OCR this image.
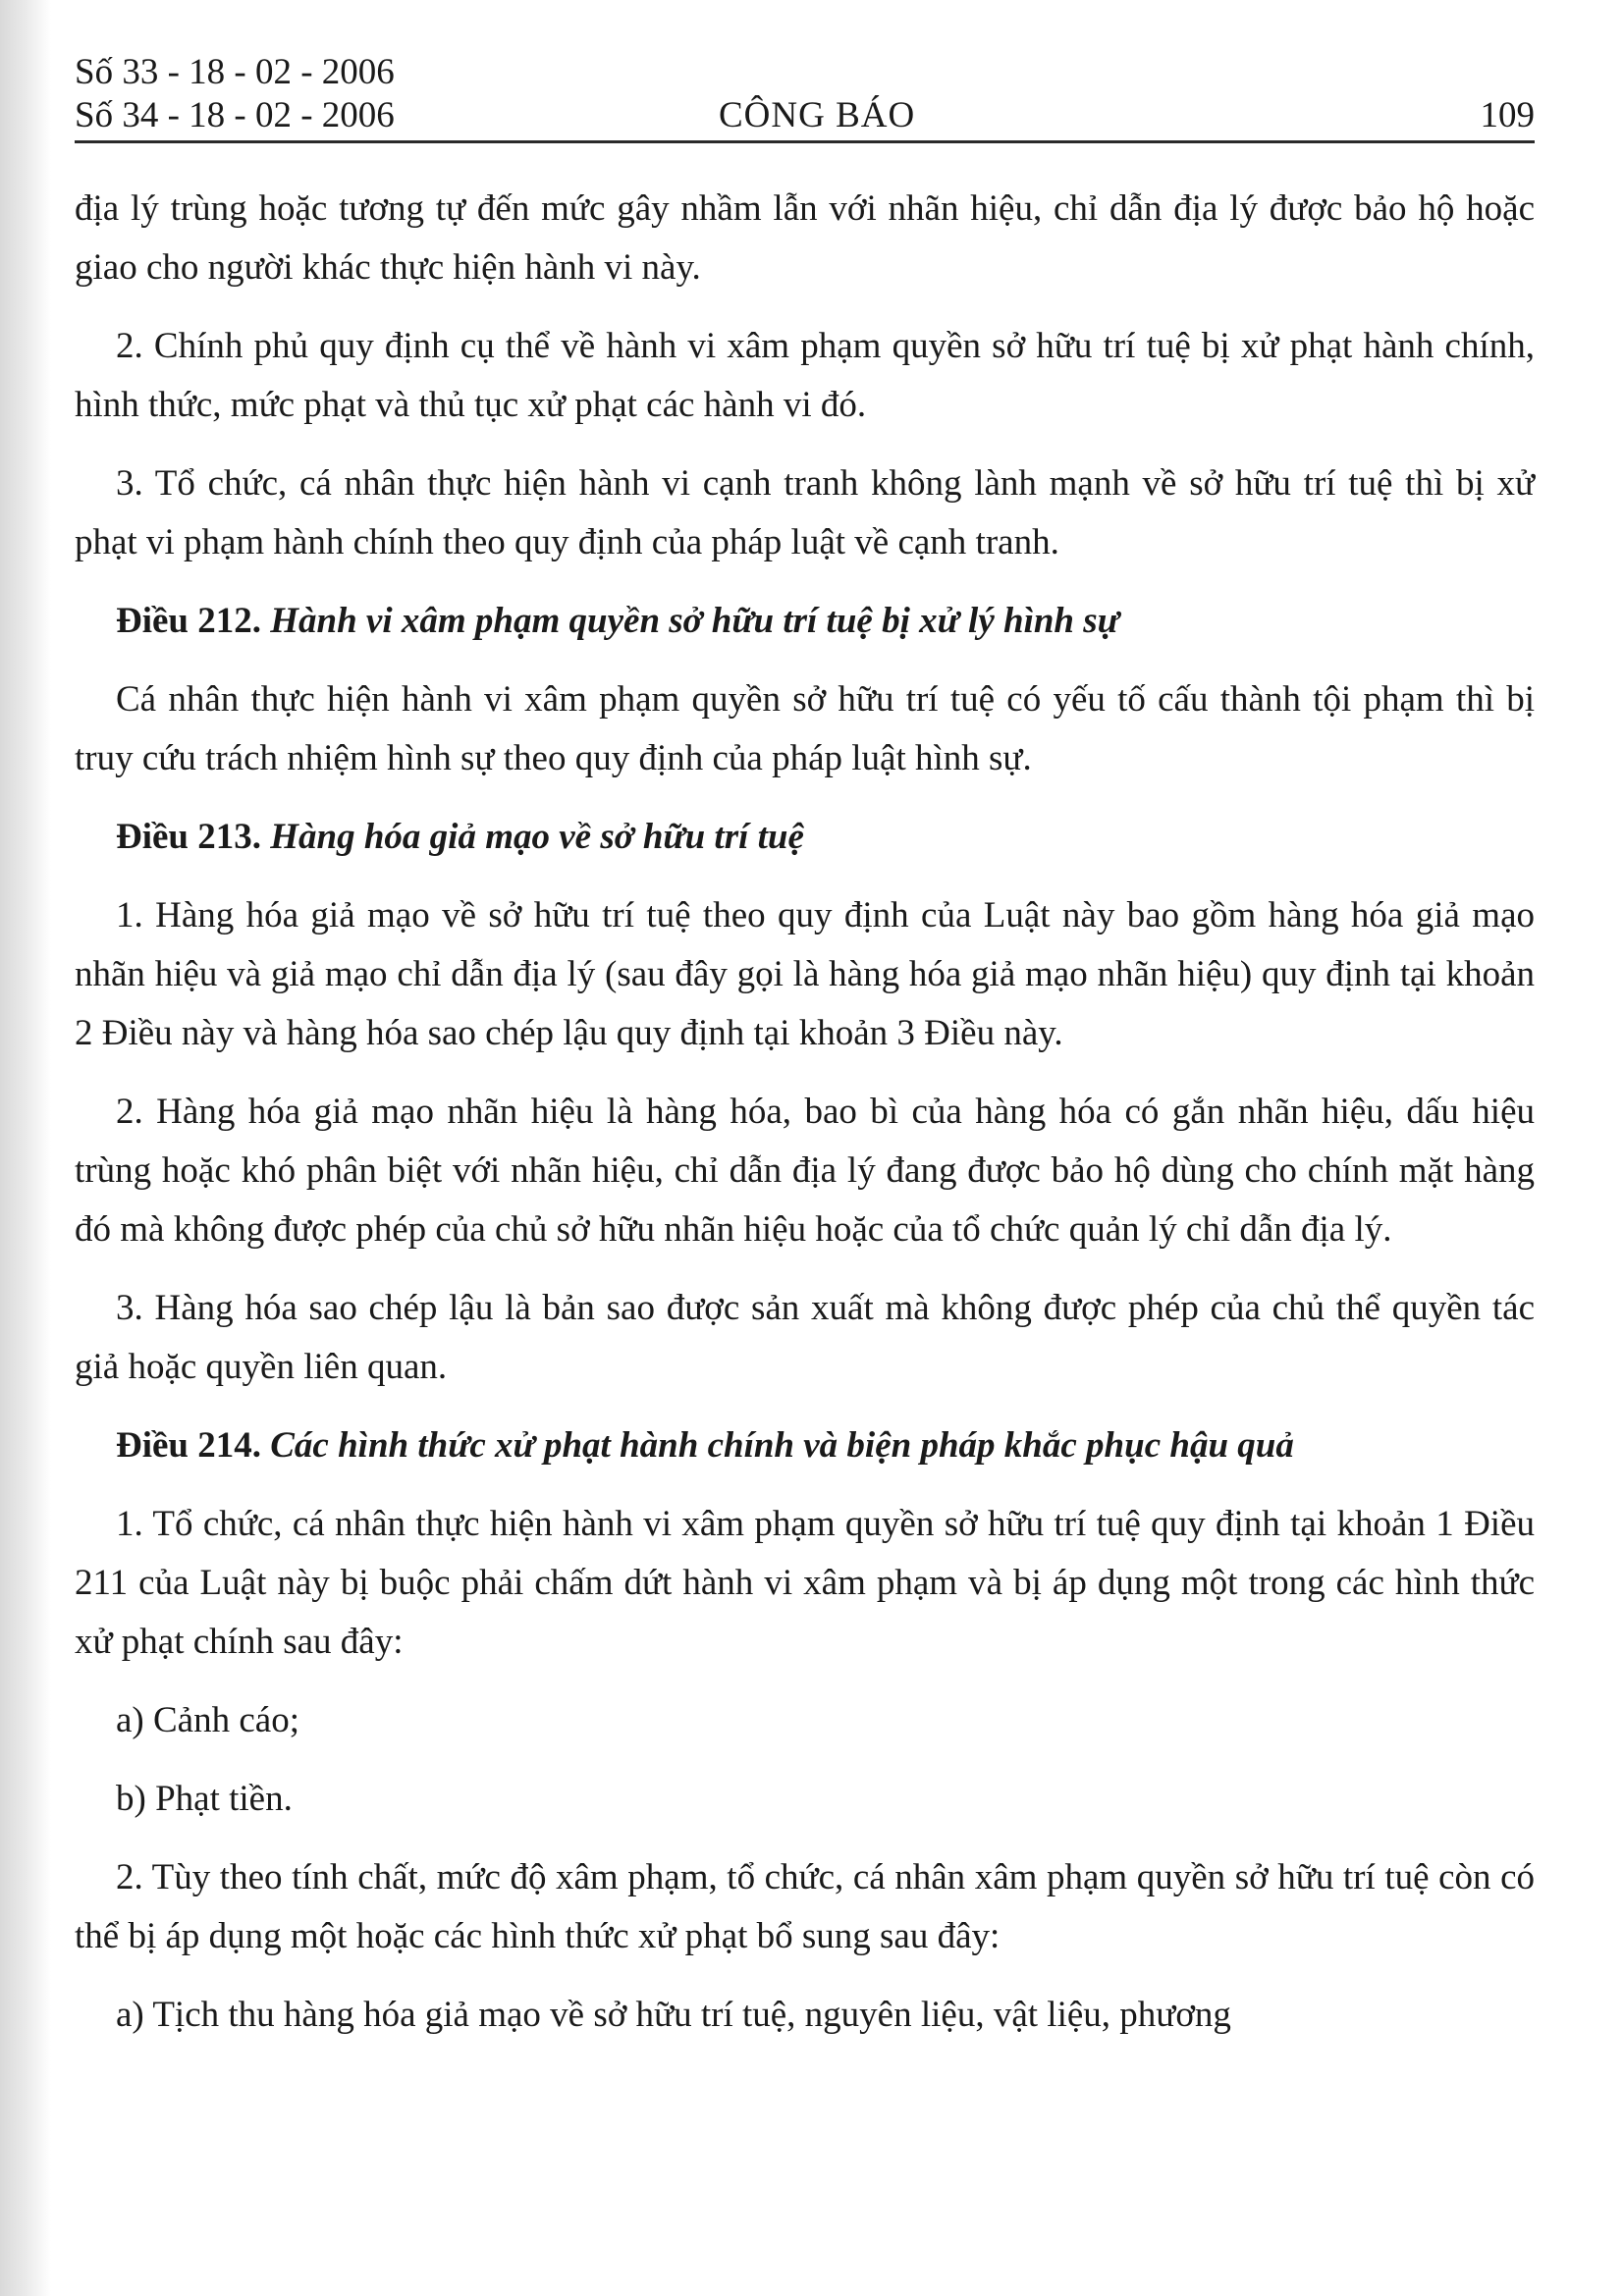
Số 33 - 18 - 02 - 2006
Số 34 - 18 - 02 - 2006	CÔNG BÁO	109

địa lý trùng hoặc tương tự đến mức gây nhầm lẫn với nhãn hiệu, chỉ dẫn địa lý được bảo hộ hoặc giao cho người khác thực hiện hành vi này.

2. Chính phủ quy định cụ thể về hành vi xâm phạm quyền sở hữu trí tuệ bị xử phạt hành chính, hình thức, mức phạt và thủ tục xử phạt các hành vi đó.

3. Tổ chức, cá nhân thực hiện hành vi cạnh tranh không lành mạnh về sở hữu trí tuệ thì bị xử phạt vi phạm hành chính theo quy định của pháp luật về cạnh tranh.

Điều 212. Hành vi xâm phạm quyền sở hữu trí tuệ bị xử lý hình sự

Cá nhân thực hiện hành vi xâm phạm quyền sở hữu trí tuệ có yếu tố cấu thành tội phạm thì bị truy cứu trách nhiệm hình sự theo quy định của pháp luật hình sự.

Điều 213. Hàng hóa giả mạo về sở hữu trí tuệ

1. Hàng hóa giả mạo về sở hữu trí tuệ theo quy định của Luật này bao gồm hàng hóa giả mạo nhãn hiệu và giả mạo chỉ dẫn địa lý (sau đây gọi là hàng hóa giả mạo nhãn hiệu) quy định tại khoản 2 Điều này và hàng hóa sao chép lậu quy định tại khoản 3 Điều này.

2. Hàng hóa giả mạo nhãn hiệu là hàng hóa, bao bì của hàng hóa có gắn nhãn hiệu, dấu hiệu trùng hoặc khó phân biệt với nhãn hiệu, chỉ dẫn địa lý đang được bảo hộ dùng cho chính mặt hàng đó mà không được phép của chủ sở hữu nhãn hiệu hoặc của tổ chức quản lý chỉ dẫn địa lý.

3. Hàng hóa sao chép lậu là bản sao được sản xuất mà không được phép của chủ thể quyền tác giả hoặc quyền liên quan.

Điều 214. Các hình thức xử phạt hành chính và biện pháp khắc phục hậu quả

1. Tổ chức, cá nhân thực hiện hành vi xâm phạm quyền sở hữu trí tuệ quy định tại khoản 1 Điều 211 của Luật này bị buộc phải chấm dứt hành vi xâm phạm và bị áp dụng một trong các hình thức xử phạt chính sau đây:

a) Cảnh cáo;

b) Phạt tiền.

2. Tùy theo tính chất, mức độ xâm phạm, tổ chức, cá nhân xâm phạm quyền sở hữu trí tuệ còn có thể bị áp dụng một hoặc các hình thức xử phạt bổ sung sau đây:

a) Tịch thu hàng hóa giả mạo về sở hữu trí tuệ, nguyên liệu, vật liệu, phương
